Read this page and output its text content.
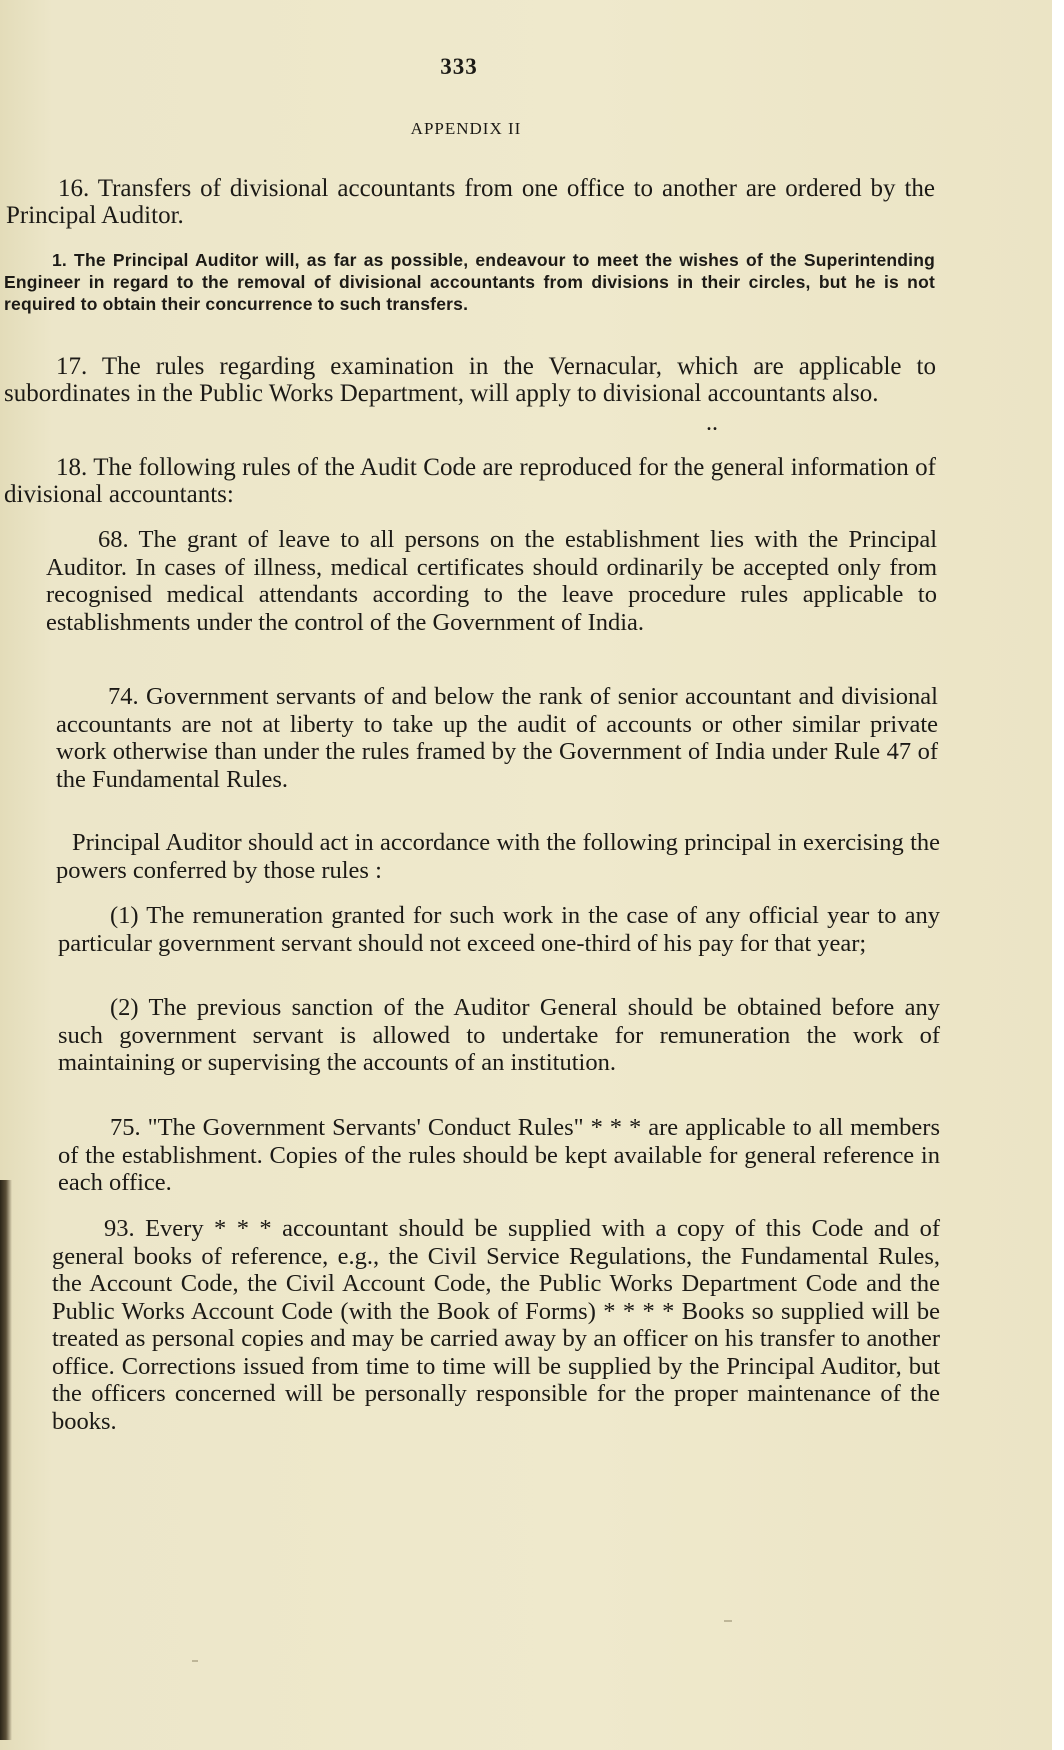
333
APPENDIX II

16. Transfers of divisional accountants from one office to another are ordered by the Principal Auditor.

1. The Principal Auditor will, as far as possible, endeavour to meet the wishes of the Superintending Engineer in regard to the removal of divisional accountants from divisions in their circles, but he is not required to obtain their concurrence to such transfers.

17. The rules regarding examination in the Vernacular, which are applicable to subordinates in the Public Works Department, will apply to divisional accountants also.

..

18. The following rules of the Audit Code are reproduced for the general information of divisional accountants:

68. The grant of leave to all persons on the establishment lies with the Principal Auditor. In cases of illness, medical certificates should ordinarily be accepted only from recognised medical attendants according to the leave procedure rules applicable to establishments under the control of the Government of India.

74. Government servants of and below the rank of senior accountant and divisional accountants are not at liberty to take up the audit of accounts or other similar private work otherwise than under the rules framed by the Government of India under Rule 47 of the Fundamental Rules.

Principal Auditor should act in accordance with the following principal in exercising the powers conferred by those rules :

(1) The remuneration granted for such work in the case of any official year to any particular government servant should not exceed one-third of his pay for that year;

(2) The previous sanction of the Auditor General should be obtained before any such government servant is allowed to undertake for remuneration the work of maintaining or supervising the accounts of an institution.

75. "The Government Servants' Conduct Rules" * * * are applicable to all members of the establishment. Copies of the rules should be kept available for general reference in each office.

93. Every * * * accountant should be supplied with a copy of this Code and of general books of reference, e.g., the Civil Service Regulations, the Fundamental Rules, the Account Code, the Civil Account Code, the Public Works Department Code and the Public Works Account Code (with the Book of Forms) * * * * Books so supplied will be treated as personal copies and may be carried away by an officer on his transfer to another office. Corrections issued from time to time will be supplied by the Principal Auditor, but the officers concerned will be personally responsible for the proper maintenance of the books.
